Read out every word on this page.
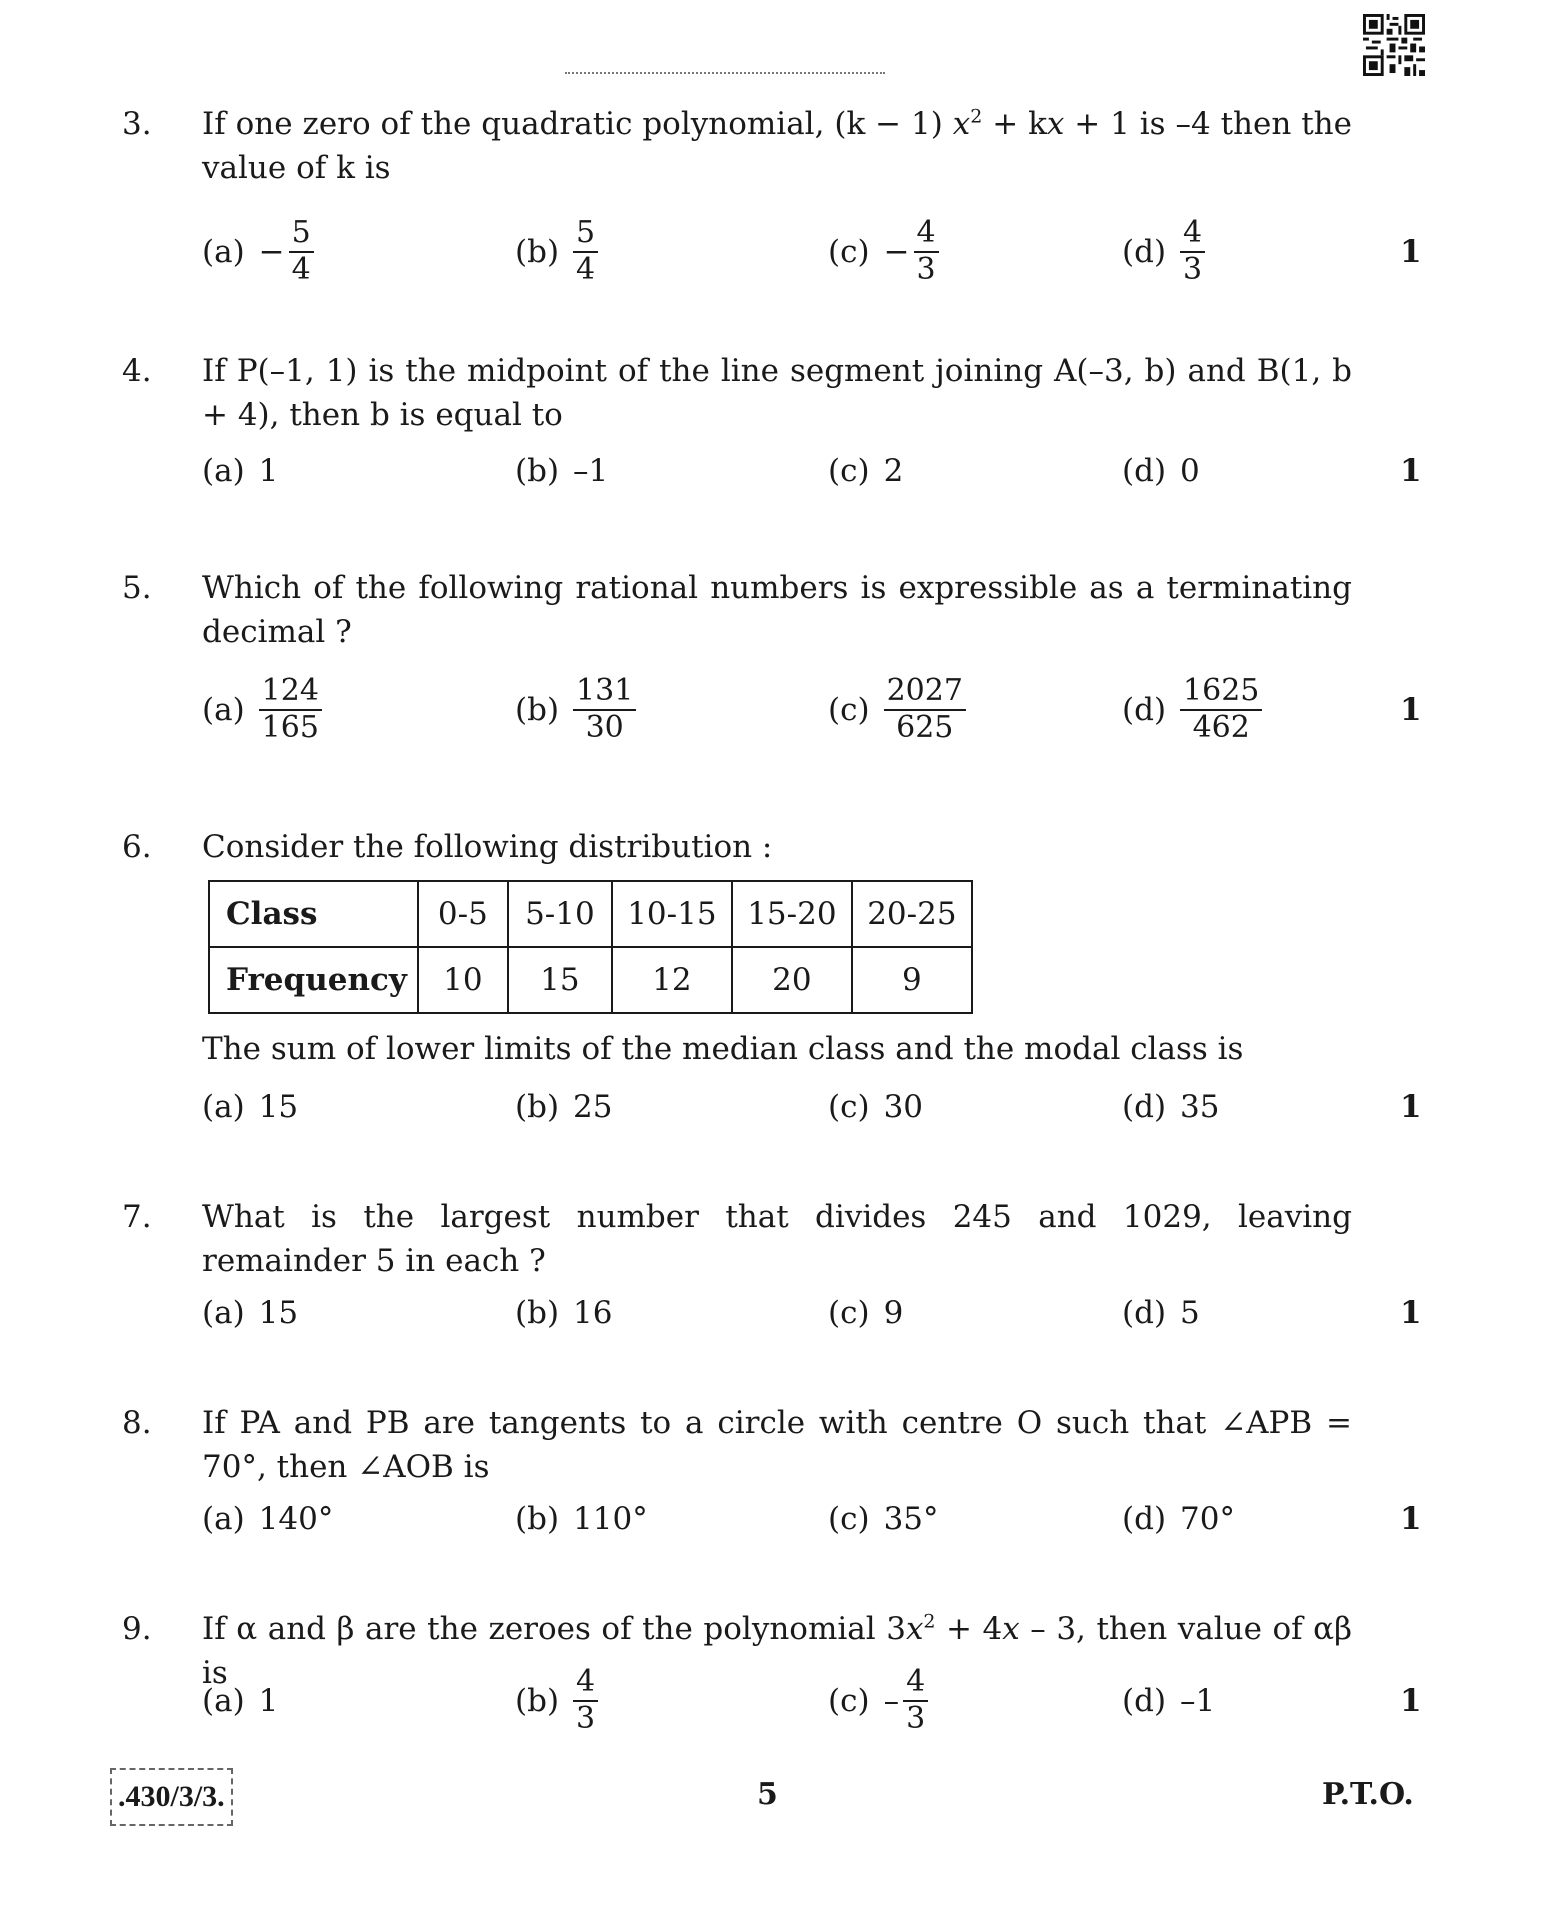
3. If one zero of the quadratic polynomial, (k − 1) $x^2$ + kx + 1 is –4 then the value of k is
$(a) - \frac{5}{4}$	$(b) \frac{5}{4}$	$(c) - \frac{4}{3}$	$(d) \frac{4}{3}$	1
4. If P(–1, 1) is the midpoint of the line segment joining A(–3, b) and B(1, b + 4), then b is equal to
(a) 1	(b) –1	(c) 2	(d) 0	1
5. Which of the following rational numbers is expressible as a terminating decimal ?
$(a) \frac{124}{165}$	$(b) \frac{131}{30}$	$(c) \frac{2027}{625}$	$(d) \frac{1625}{462}$	1
6. Consider the following distribution :
Class	0-5	5-10	10-15	15-20	20-25
Frequency	10	15	12	20	9
The sum of lower limits of the median class and the modal class is
(a) 15	(b) 25	(c) 30	(d) 35	1
7. What is the largest number that divides 245 and 1029, leaving remainder 5 in each ?
(a) 15	(b) 16	(c) 9	(d) 5	1
8. If PA and PB are tangents to a circle with centre O such that ∠APB = 70°, then ∠AOB is
(a) 140°	(b) 110°	(c) 35°	(d) 70°	1
9. If α and β are the zeroes of the polynomial $3x^2 + 4x - 3$, then value of αβ is
(a) 1	$(b) \frac{4}{3}$	$(c) - \frac{4}{3}$	(d) –1	1
.430/3/3.	5	P.T.O.
